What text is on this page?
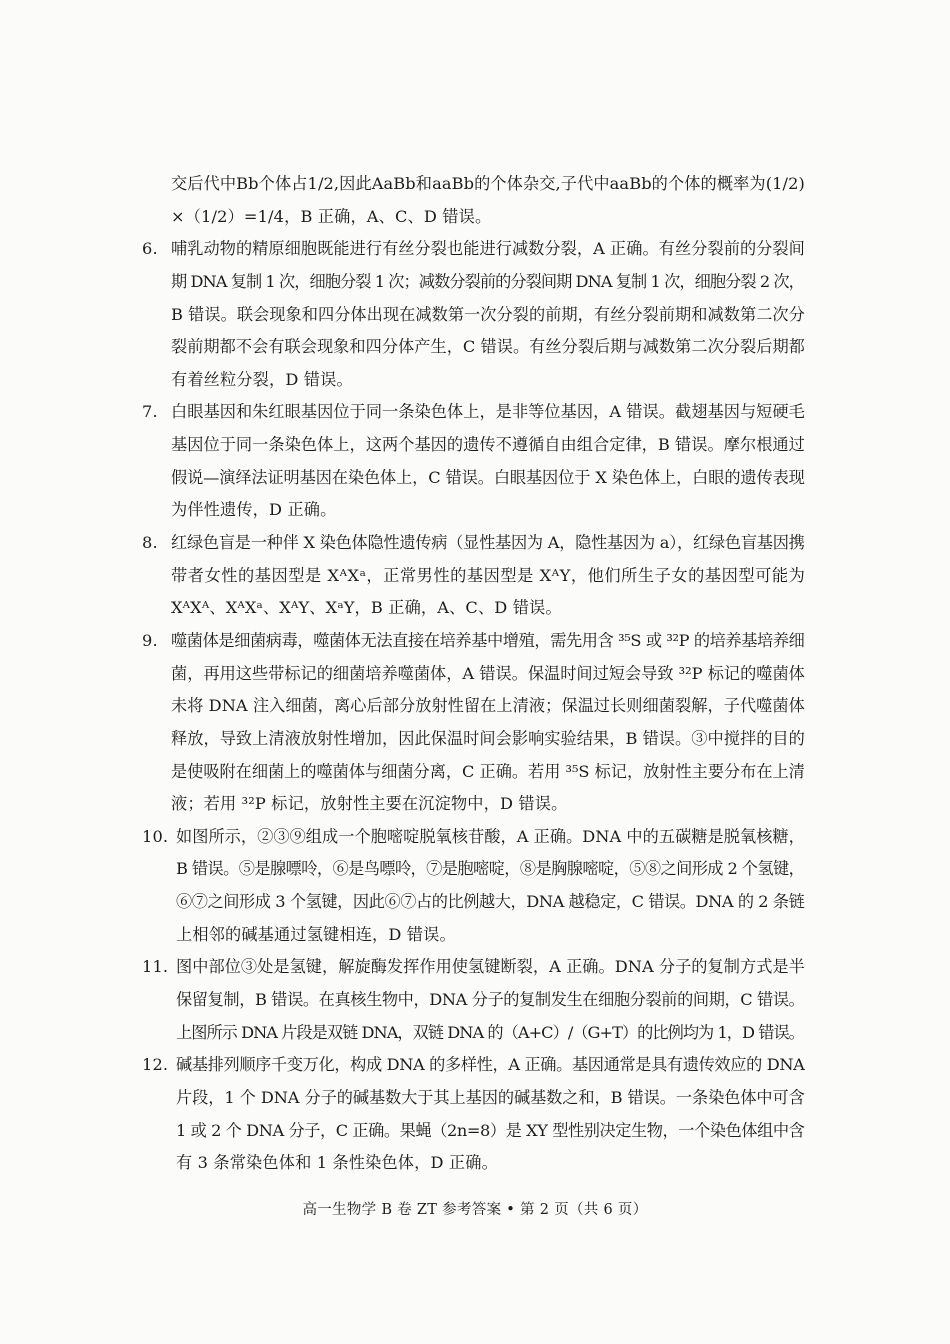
交后代中Bb个体占1/2,因此AaBb和aaBb的个体杂交,子代中aaBb的个体的概率为(1/2)
×（1/2）=1/4，B 正确，A、C、D 错误。
6. 哺乳动物的精原细胞既能进行有丝分裂也能进行减数分裂，A 正确。有丝分裂前的分裂间
期 DNA 复制 1 次，细胞分裂 1 次；减数分裂前的分裂间期 DNA 复制 1 次，细胞分裂 2 次，
B 错误。联会现象和四分体出现在减数第一次分裂的前期，有丝分裂前期和减数第二次分
裂前期都不会有联会现象和四分体产生，C 错误。有丝分裂后期与减数第二次分裂后期都
有着丝粒分裂，D 错误。
7. 白眼基因和朱红眼基因位于同一条染色体上，是非等位基因，A 错误。截翅基因与短硬毛
基因位于同一条染色体上，这两个基因的遗传不遵循自由组合定律，B 错误。摩尔根通过
假说—演绎法证明基因在染色体上，C 错误。白眼基因位于 X 染色体上，白眼的遗传表现
为伴性遗传，D 正确。
8. 红绿色盲是一种伴 X 染色体隐性遗传病（显性基因为 A，隐性基因为 a），红绿色盲基因携
带者女性的基因型是 XᴬXᵃ，正常男性的基因型是 XᴬY，他们所生子女的基因型可能为
XᴬXᴬ、XᴬXᵃ、XᴬY、XᵃY，B 正确，A、C、D 错误。
9. 噬菌体是细菌病毒，噬菌体无法直接在培养基中增殖，需先用含 ³⁵S 或 ³²P 的培养基培养细
菌，再用这些带标记的细菌培养噬菌体，A 错误。保温时间过短会导致 ³²P 标记的噬菌体
未将 DNA 注入细菌，离心后部分放射性留在上清液；保温过长则细菌裂解，子代噬菌体
释放，导致上清液放射性增加，因此保温时间会影响实验结果，B 错误。③中搅拌的目的
是使吸附在细菌上的噬菌体与细菌分离，C 正确。若用 ³⁵S 标记，放射性主要分布在上清
液；若用 ³²P 标记，放射性主要在沉淀物中，D 错误。
10. 如图所示，②③⑨组成一个胞嘧啶脱氧核苷酸，A 正确。DNA 中的五碳糖是脱氧核糖，
B 错误。⑤是腺嘌呤，⑥是鸟嘌呤，⑦是胞嘧啶，⑧是胸腺嘧啶，⑤⑧之间形成 2 个氢键，
⑥⑦之间形成 3 个氢键，因此⑥⑦占的比例越大，DNA 越稳定，C 错误。DNA 的 2 条链
上相邻的碱基通过氢键相连，D 错误。
11. 图中部位③处是氢键，解旋酶发挥作用使氢键断裂，A 正确。DNA 分子的复制方式是半
保留复制，B 错误。在真核生物中，DNA 分子的复制发生在细胞分裂前的间期，C 错误。
上图所示 DNA 片段是双链 DNA，双链 DNA 的（A+C）/（G+T）的比例均为 1，D 错误。
12. 碱基排列顺序千变万化，构成 DNA 的多样性，A 正确。基因通常是具有遗传效应的 DNA
片段，1 个 DNA 分子的碱基数大于其上基因的碱基数之和，B 错误。一条染色体中可含
1 或 2 个 DNA 分子，C 正确。果蝇（2n=8）是 XY 型性别决定生物，一个染色体组中含
有 3 条常染色体和 1 条性染色体，D 正确。
高一生物学 B 卷 ZT 参考答案 • 第 2 页（共 6 页）
